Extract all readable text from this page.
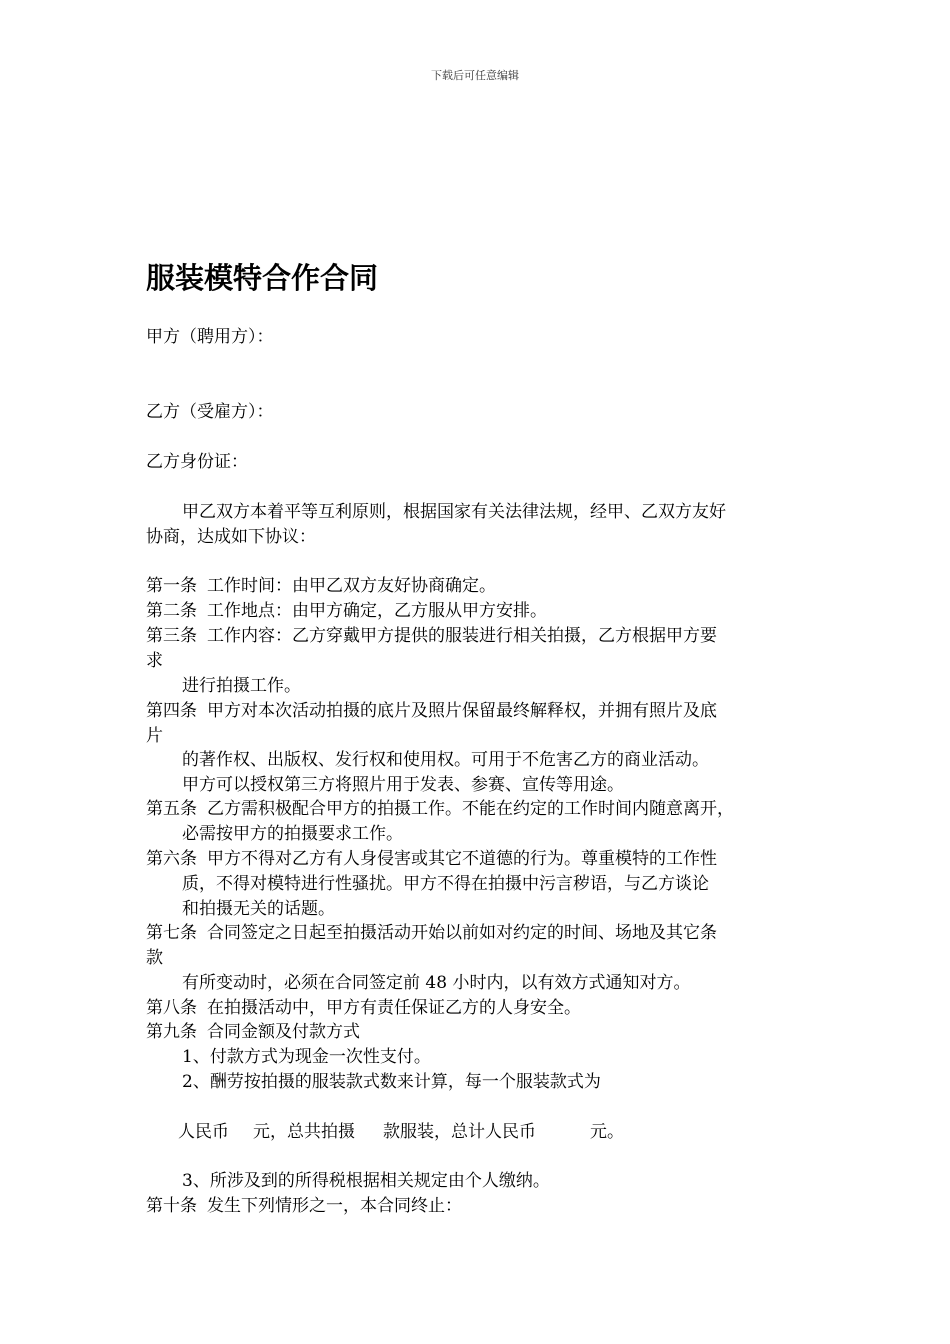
下载后可任意编辑
服装模特合作合同
甲方（聘用方）：
乙方（受雇方）：
乙方身份证：
甲乙双方本着平等互利原则，根据国家有关法律法规，经甲、乙双方友好
协商，达成如下协议：
第一条 工作时间：由甲乙双方友好协商确定。
第二条 工作地点：由甲方确定，乙方服从甲方安排。
第三条 工作内容：乙方穿戴甲方提供的服装进行相关拍摄，乙方根据甲方要
求
进行拍摄工作。
第四条 甲方对本次活动拍摄的底片及照片保留最终解释权，并拥有照片及底
片
的著作权、出版权、发行权和使用权。可用于不危害乙方的商业活动。
甲方可以授权第三方将照片用于发表、参赛、宣传等用途。
第五条 乙方需积极配合甲方的拍摄工作。不能在约定的工作时间内随意离开，
必需按甲方的拍摄要求工作。
第六条 甲方不得对乙方有人身侵害或其它不道德的行为。尊重模特的工作性
质，不得对模特进行性骚扰。甲方不得在拍摄中污言秽语，与乙方谈论
和拍摄无关的话题。
第七条 合同签定之日起至拍摄活动开始以前如对约定的时间、场地及其它条
款
有所变动时，必须在合同签定前 48 小时内，以有效方式通知对方。
第八条 在拍摄活动中，甲方有责任保证乙方的人身安全。
第九条 合同金额及付款方式
1、付款方式为现金一次性支付。
2、酬劳按拍摄的服装款式数来计算，每一个服装款式为
人民币 元，总共拍摄 款服装，总计人民币	元。
3、所涉及到的所得税根据相关规定由个人缴纳。
第十条 发生下列情形之一，本合同终止：
